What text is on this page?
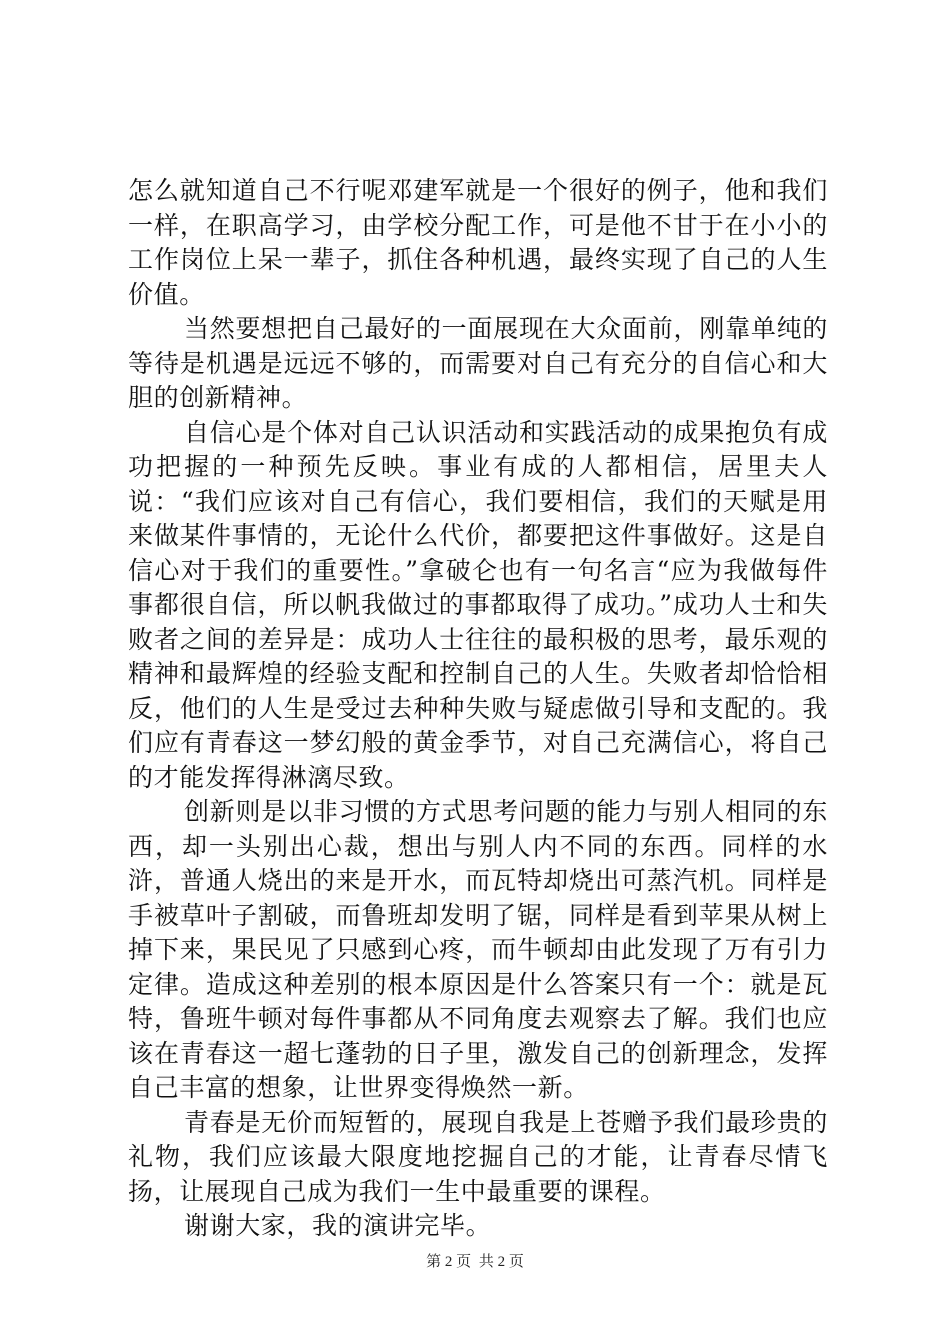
怎么就知道自己不行呢邓建军就是一个很好的例子，他和我们一样，在职高学习，由学校分配工作，可是他不甘于在小小的工作岗位上呆一辈子，抓住各种机遇，最终实现了自己的人生价值。

当然要想把自己最好的一面展现在大众面前，刚靠单纯的等待是机遇是远远不够的，而需要对自己有充分的自信心和大胆的创新精神。

自信心是个体对自己认识活动和实践活动的成果抱负有成功把握的一种预先反映。事业有成的人都相信，居里夫人说：“我们应该对自己有信心，我们要相信，我们的天赋是用来做某件事情的，无论什么代价，都要把这件事做好。这是自信心对于我们的重要性。”拿破仑也有一句名言“应为我做每件事都很自信，所以帆我做过的事都取得了成功。”成功人士和失败者之间的差异是：成功人士往往的最积极的思考，最乐观的精神和最辉煌的经验支配和控制自己的人生。失败者却恰恰相反，他们的人生是受过去种种失败与疑虑做引导和支配的。我们应有青春这一梦幻般的黄金季节，对自己充满信心，将自己的才能发挥得淋漓尽致。

创新则是以非习惯的方式思考问题的能力与别人相同的东西，却一头别出心裁，想出与别人内不同的东西。同样的水浒，普通人烧出的来是开水，而瓦特却烧出可蒸汽机。同样是手被草叶子割破，而鲁班却发明了锯，同样是看到苹果从树上掉下来，果民见了只感到心疼，而牛顿却由此发现了万有引力定律。造成这种差别的根本原因是什么答案只有一个：就是瓦特，鲁班牛顿对每件事都从不同角度去观察去了解。我们也应该在青春这一超七蓬勃的日子里，激发自己的创新理念，发挥自己丰富的想象，让世界变得焕然一新。

青春是无价而短暂的，展现自我是上苍赠予我们最珍贵的礼物，我们应该最大限度地挖掘自己的才能，让青春尽情飞扬，让展现自己成为我们一生中最重要的课程。

谢谢大家，我的演讲完毕。

第 2 页 共 2 页
